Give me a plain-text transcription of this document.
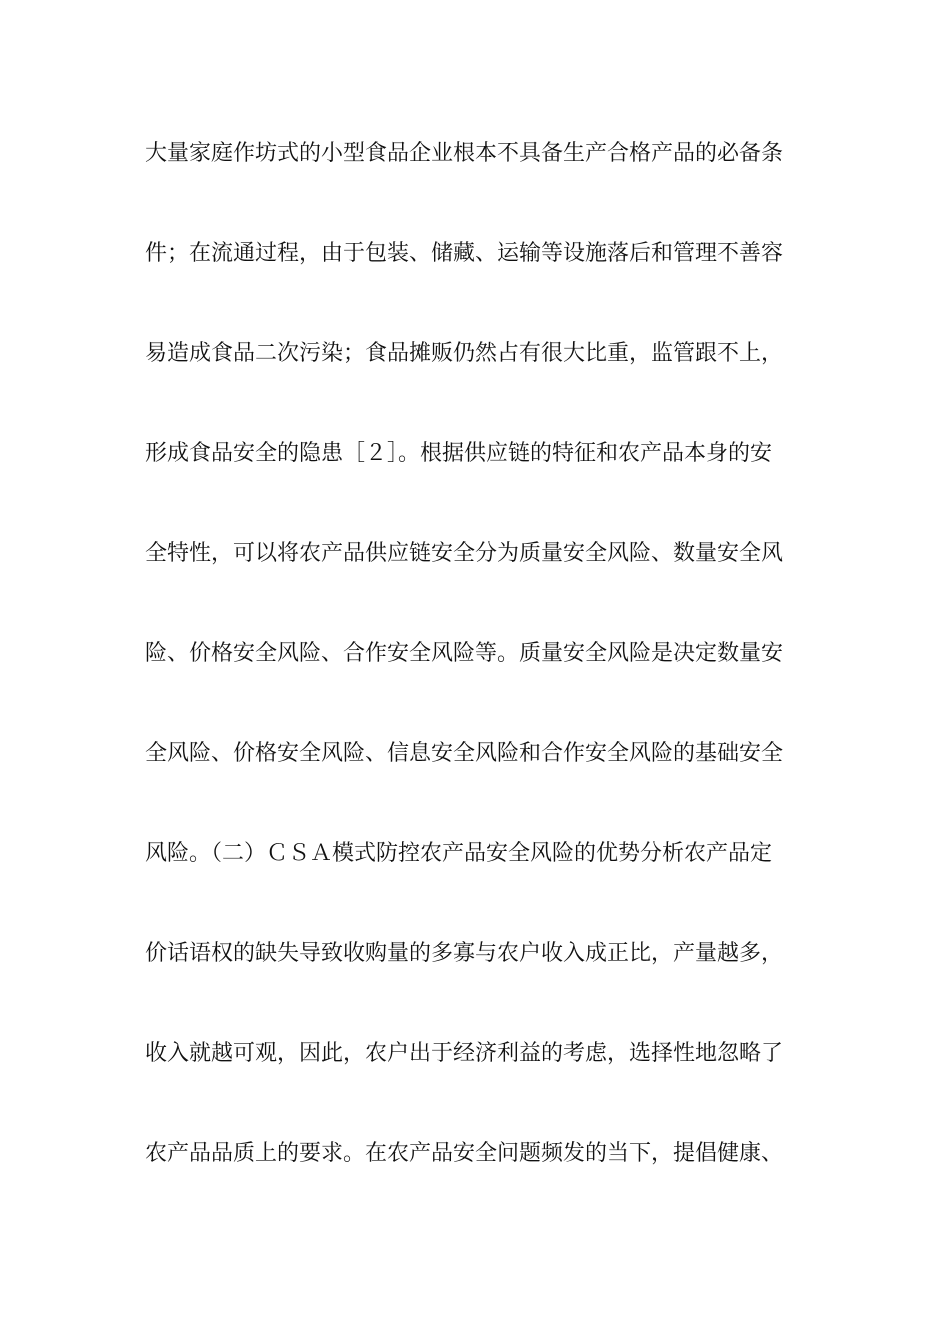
大量家庭作坊式的小型食品企业根本不具备生产合格产品的必备条
件；在流通过程，由于包装、储藏、运输等设施落后和管理不善容
易造成食品二次污染；食品摊贩仍然占有很大比重，监管跟不上，
形成食品安全的隐患［２］。根据供应链的特征和农产品本身的安
全特性，可以将农产品供应链安全分为质量安全风险、数量安全风
险、价格安全风险、合作安全风险等。质量安全风险是决定数量安
全风险、价格安全风险、信息安全风险和合作安全风险的基础安全
风险。（二）ＣＳＡ模式防控农产品安全风险的优势分析农产品定
价话语权的缺失导致收购量的多寡与农户收入成正比，产量越多，
收入就越可观，因此，农户出于经济利益的考虑，选择性地忽略了
农产品品质上的要求。在农产品安全问题频发的当下，提倡健康、
